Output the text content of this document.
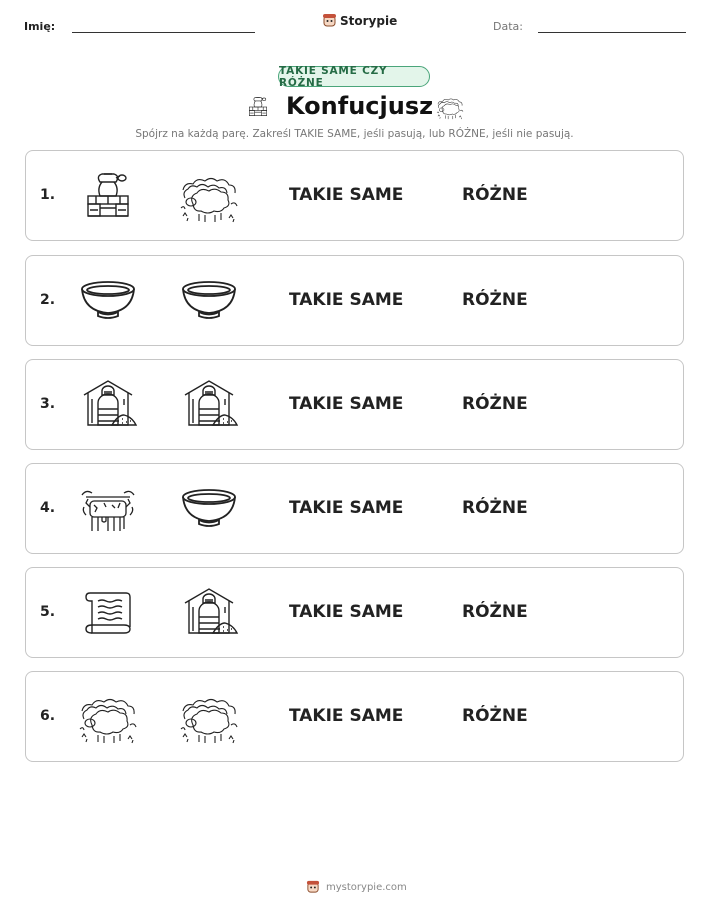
Imię:	Storypie	Data:
TAKIE SAME CZY RÓŻNE
Konfucjusz
Spójrz na każdą parę. Zakreśl TAKIE SAME, jeśli pasują, lub RÓŻNE, jeśli nie pasują.
1.	TAKIE SAME	RÓŻNE
2.	TAKIE SAME	RÓŻNE
3.	TAKIE SAME	RÓŻNE
4.	TAKIE SAME	RÓŻNE
5.	TAKIE SAME	RÓŻNE
6.	TAKIE SAME	RÓŻNE
mystorypie.com
